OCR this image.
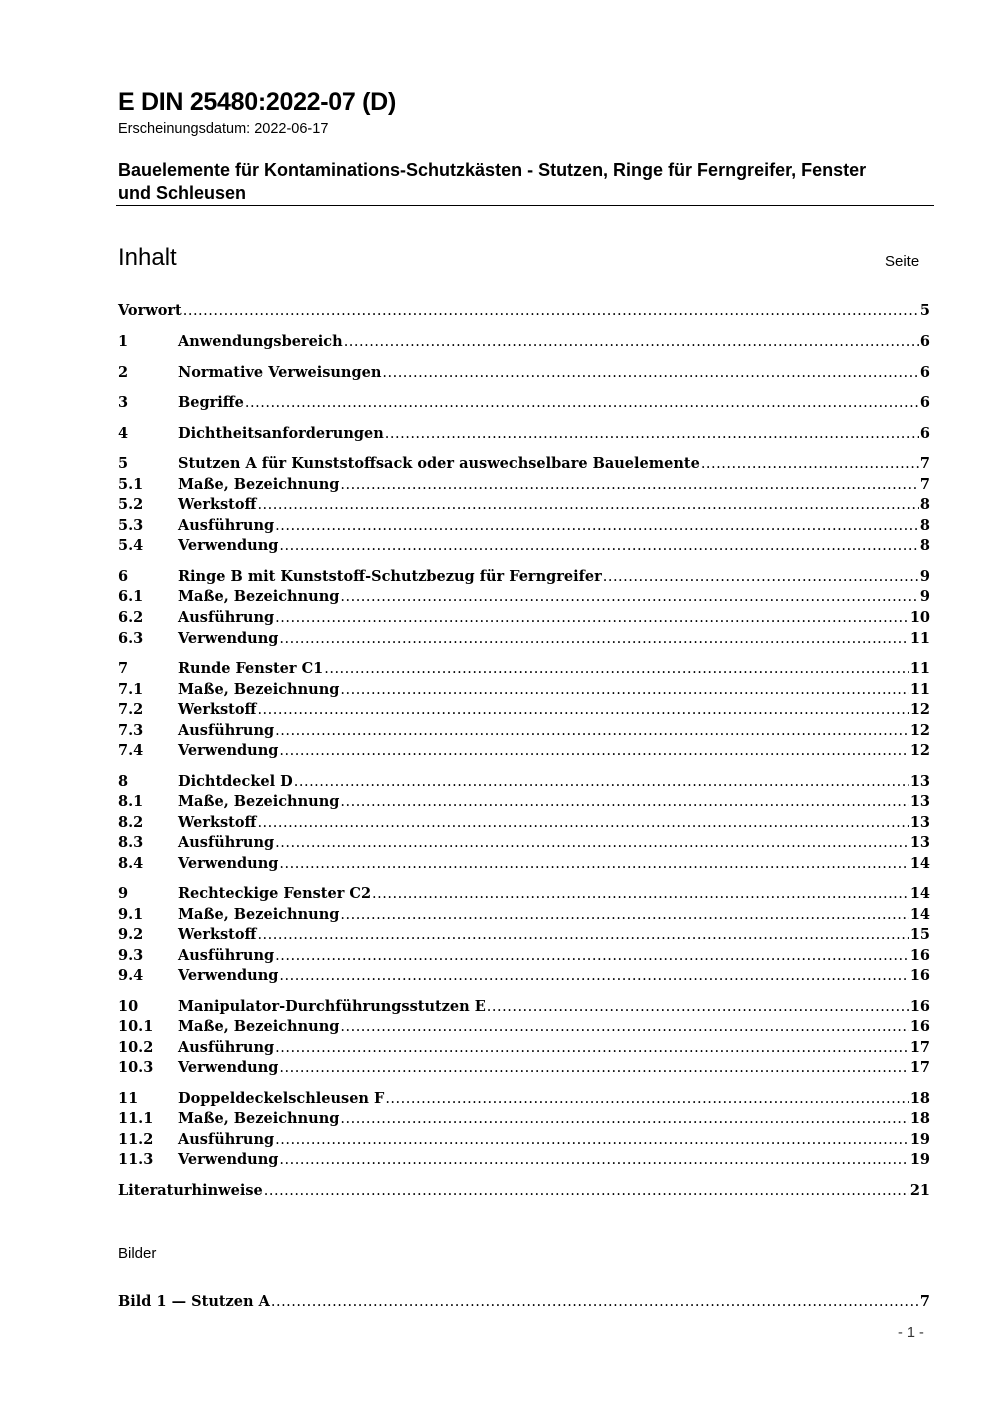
E DIN 25480:2022-07 (D)
Erscheinungsdatum: 2022-06-17
Bauelemente für Kontaminations-Schutzkästen - Stutzen, Ringe für Ferngreifer, Fenster und Schleusen
Inhalt	Seite
Vorwort .....	5
1	Anwendungsbereich .....	6
2	Normative Verweisungen .....	6
3	Begriffe .....	6
4	Dichtheitsanforderungen .....	6
5	Stutzen A für Kunststoffsack oder auswechselbare Bauelemente .....	7
5.1	Maße, Bezeichnung .....	7
5.2	Werkstoff .....	8
5.3	Ausführung .....	8
5.4	Verwendung .....	8
6	Ringe B mit Kunststoff-Schutzbezug für Ferngreifer .....	9
6.1	Maße, Bezeichnung .....	9
6.2	Ausführung .....	10
6.3	Verwendung .....	11
7	Runde Fenster C1 .....	11
7.1	Maße, Bezeichnung .....	11
7.2	Werkstoff .....	12
7.3	Ausführung .....	12
7.4	Verwendung .....	12
8	Dichtdeckel D .....	13
8.1	Maße, Bezeichnung .....	13
8.2	Werkstoff .....	13
8.3	Ausführung .....	13
8.4	Verwendung .....	14
9	Rechteckige Fenster C2 .....	14
9.1	Maße, Bezeichnung .....	14
9.2	Werkstoff .....	15
9.3	Ausführung .....	16
9.4	Verwendung .....	16
10	Manipulator-Durchführungsstutzen E .....	16
10.1	Maße, Bezeichnung .....	16
10.2	Ausführung .....	17
10.3	Verwendung .....	17
11	Doppeldeckelschleusen F .....	18
11.1	Maße, Bezeichnung .....	18
11.2	Ausführung .....	19
11.3	Verwendung .....	19
Literaturhinweise .....	21
Bild 1 — Stutzen A .....	7
Bilder
- 1 -
